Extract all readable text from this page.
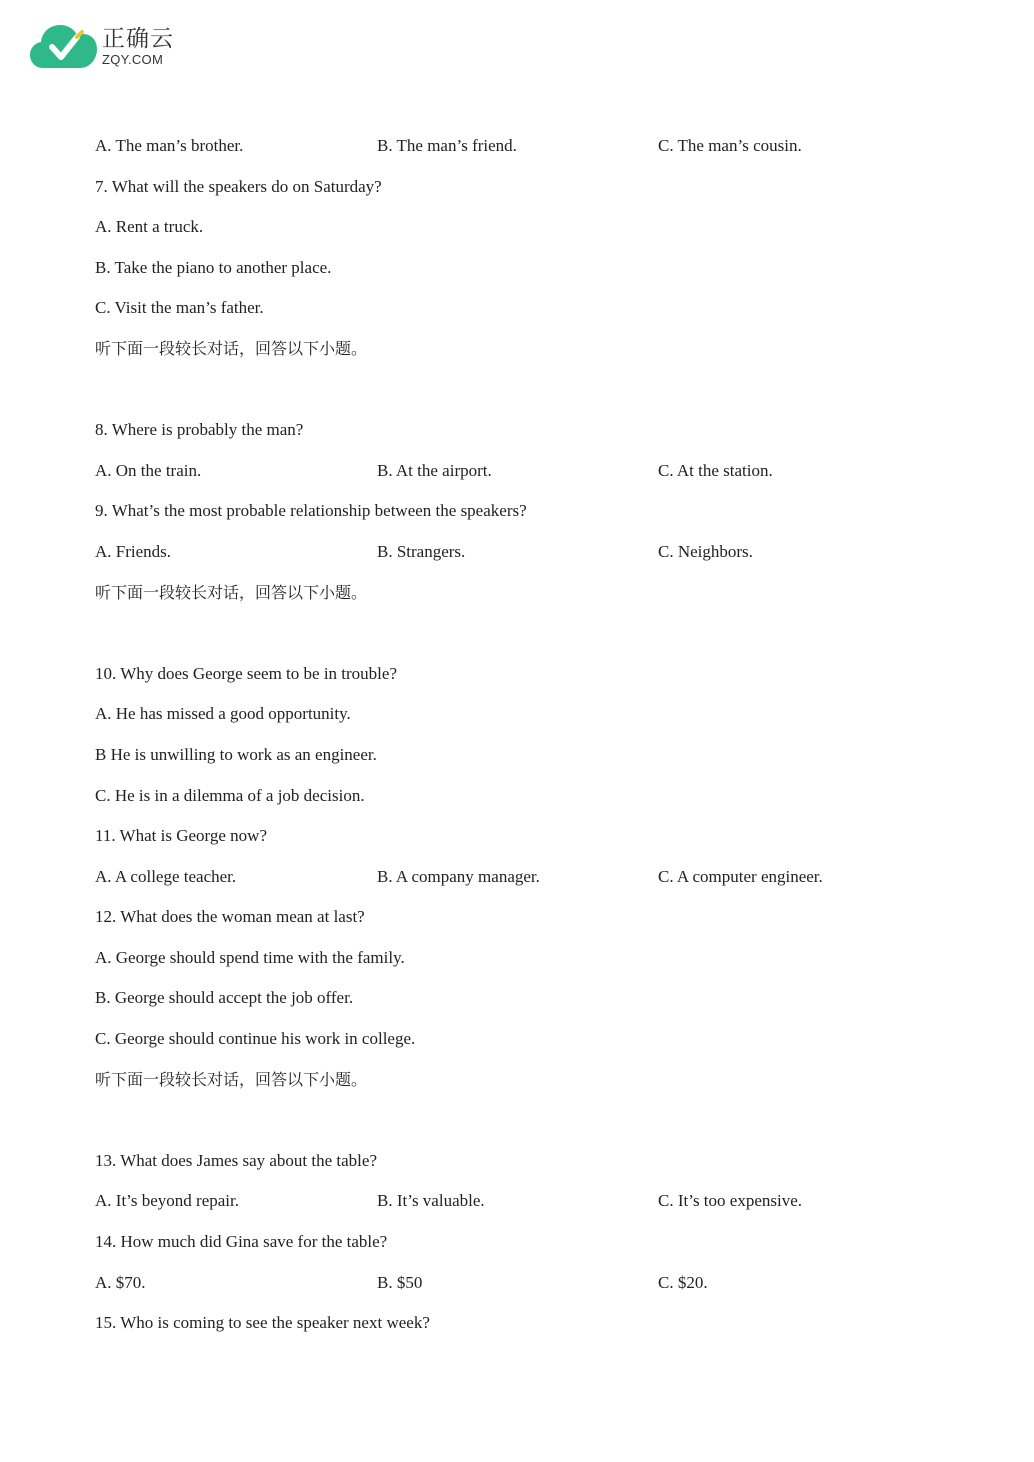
正确云
ZQY.COM
A. The man’s brother.	B. The man’s friend.	C. The man’s cousin.
7. What will the speakers do on Saturday?
A. Rent a truck.
B. Take the piano to another place.
C. Visit the man’s father.
听下面一段较长对话，回答以下小题。
8. Where is probably the man?
A. On the train.	B. At the airport.	C. At the station.
9. What’s the most probable relationship between the speakers?
A. Friends.	B. Strangers.	C. Neighbors.
听下面一段较长对话，回答以下小题。
10. Why does George seem to be in trouble?
A. He has missed a good opportunity.
B He is unwilling to work as an engineer.
C. He is in a dilemma of a job decision.
11. What is George now?
A. A college teacher.	B. A company manager.	C. A computer engineer.
12. What does the woman mean at last?
A. George should spend time with the family.
B. George should accept the job offer.
C. George should continue his work in college.
听下面一段较长对话，回答以下小题。
13. What does James say about the table?
A. It’s beyond repair.	B. It’s valuable.	C. It’s too expensive.
14. How much did Gina save for the table?
A. $70.	B. $50	C. $20.
15. Who is coming to see the speaker next week?
